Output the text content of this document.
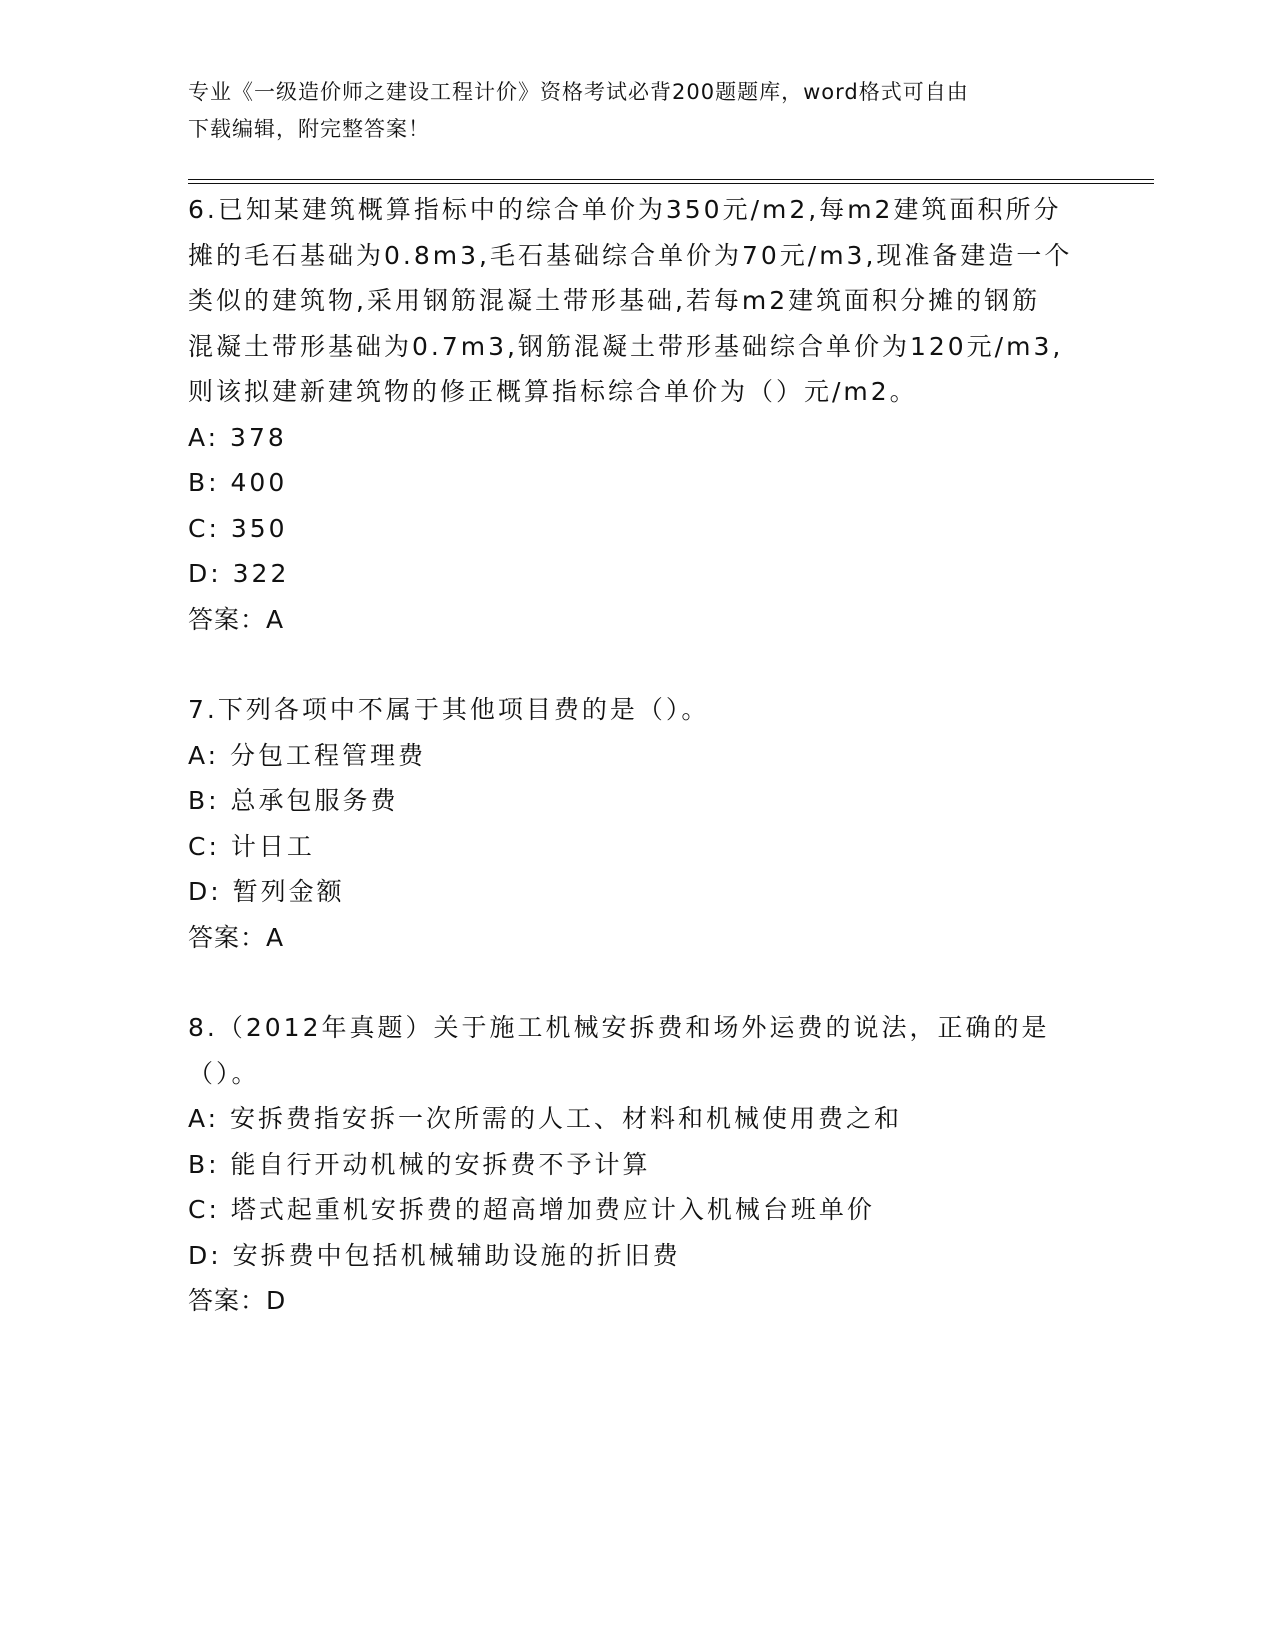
专业《一级造价师之建设工程计价》资格考试必背200题题库，word格式可自由
下载编辑，附完整答案！
6.已知某建筑概算指标中的综合单价为350元/m2,每m2建筑面积所分
摊的毛石基础为0.8m3,毛石基础综合单价为70元/m3,现准备建造一个
类似的建筑物,采用钢筋混凝土带形基础,若每m2建筑面积分摊的钢筋
混凝土带形基础为0.7m3,钢筋混凝土带形基础综合单价为120元/m3,
则该拟建新建筑物的修正概算指标综合单价为（）元/m2。
A: 378
B: 400
C: 350
D: 322
答案：A
7.下列各项中不属于其他项目费的是（）。
A: 分包工程管理费
B: 总承包服务费
C: 计日工
D: 暂列金额
答案：A
8.（2012年真题）关于施工机械安拆费和场外运费的说法，正确的是
（）。
A: 安拆费指安拆一次所需的人工、材料和机械使用费之和
B: 能自行开动机械的安拆费不予计算
C: 塔式起重机安拆费的超高增加费应计入机械台班单价
D: 安拆费中包括机械辅助设施的折旧费
答案：D
